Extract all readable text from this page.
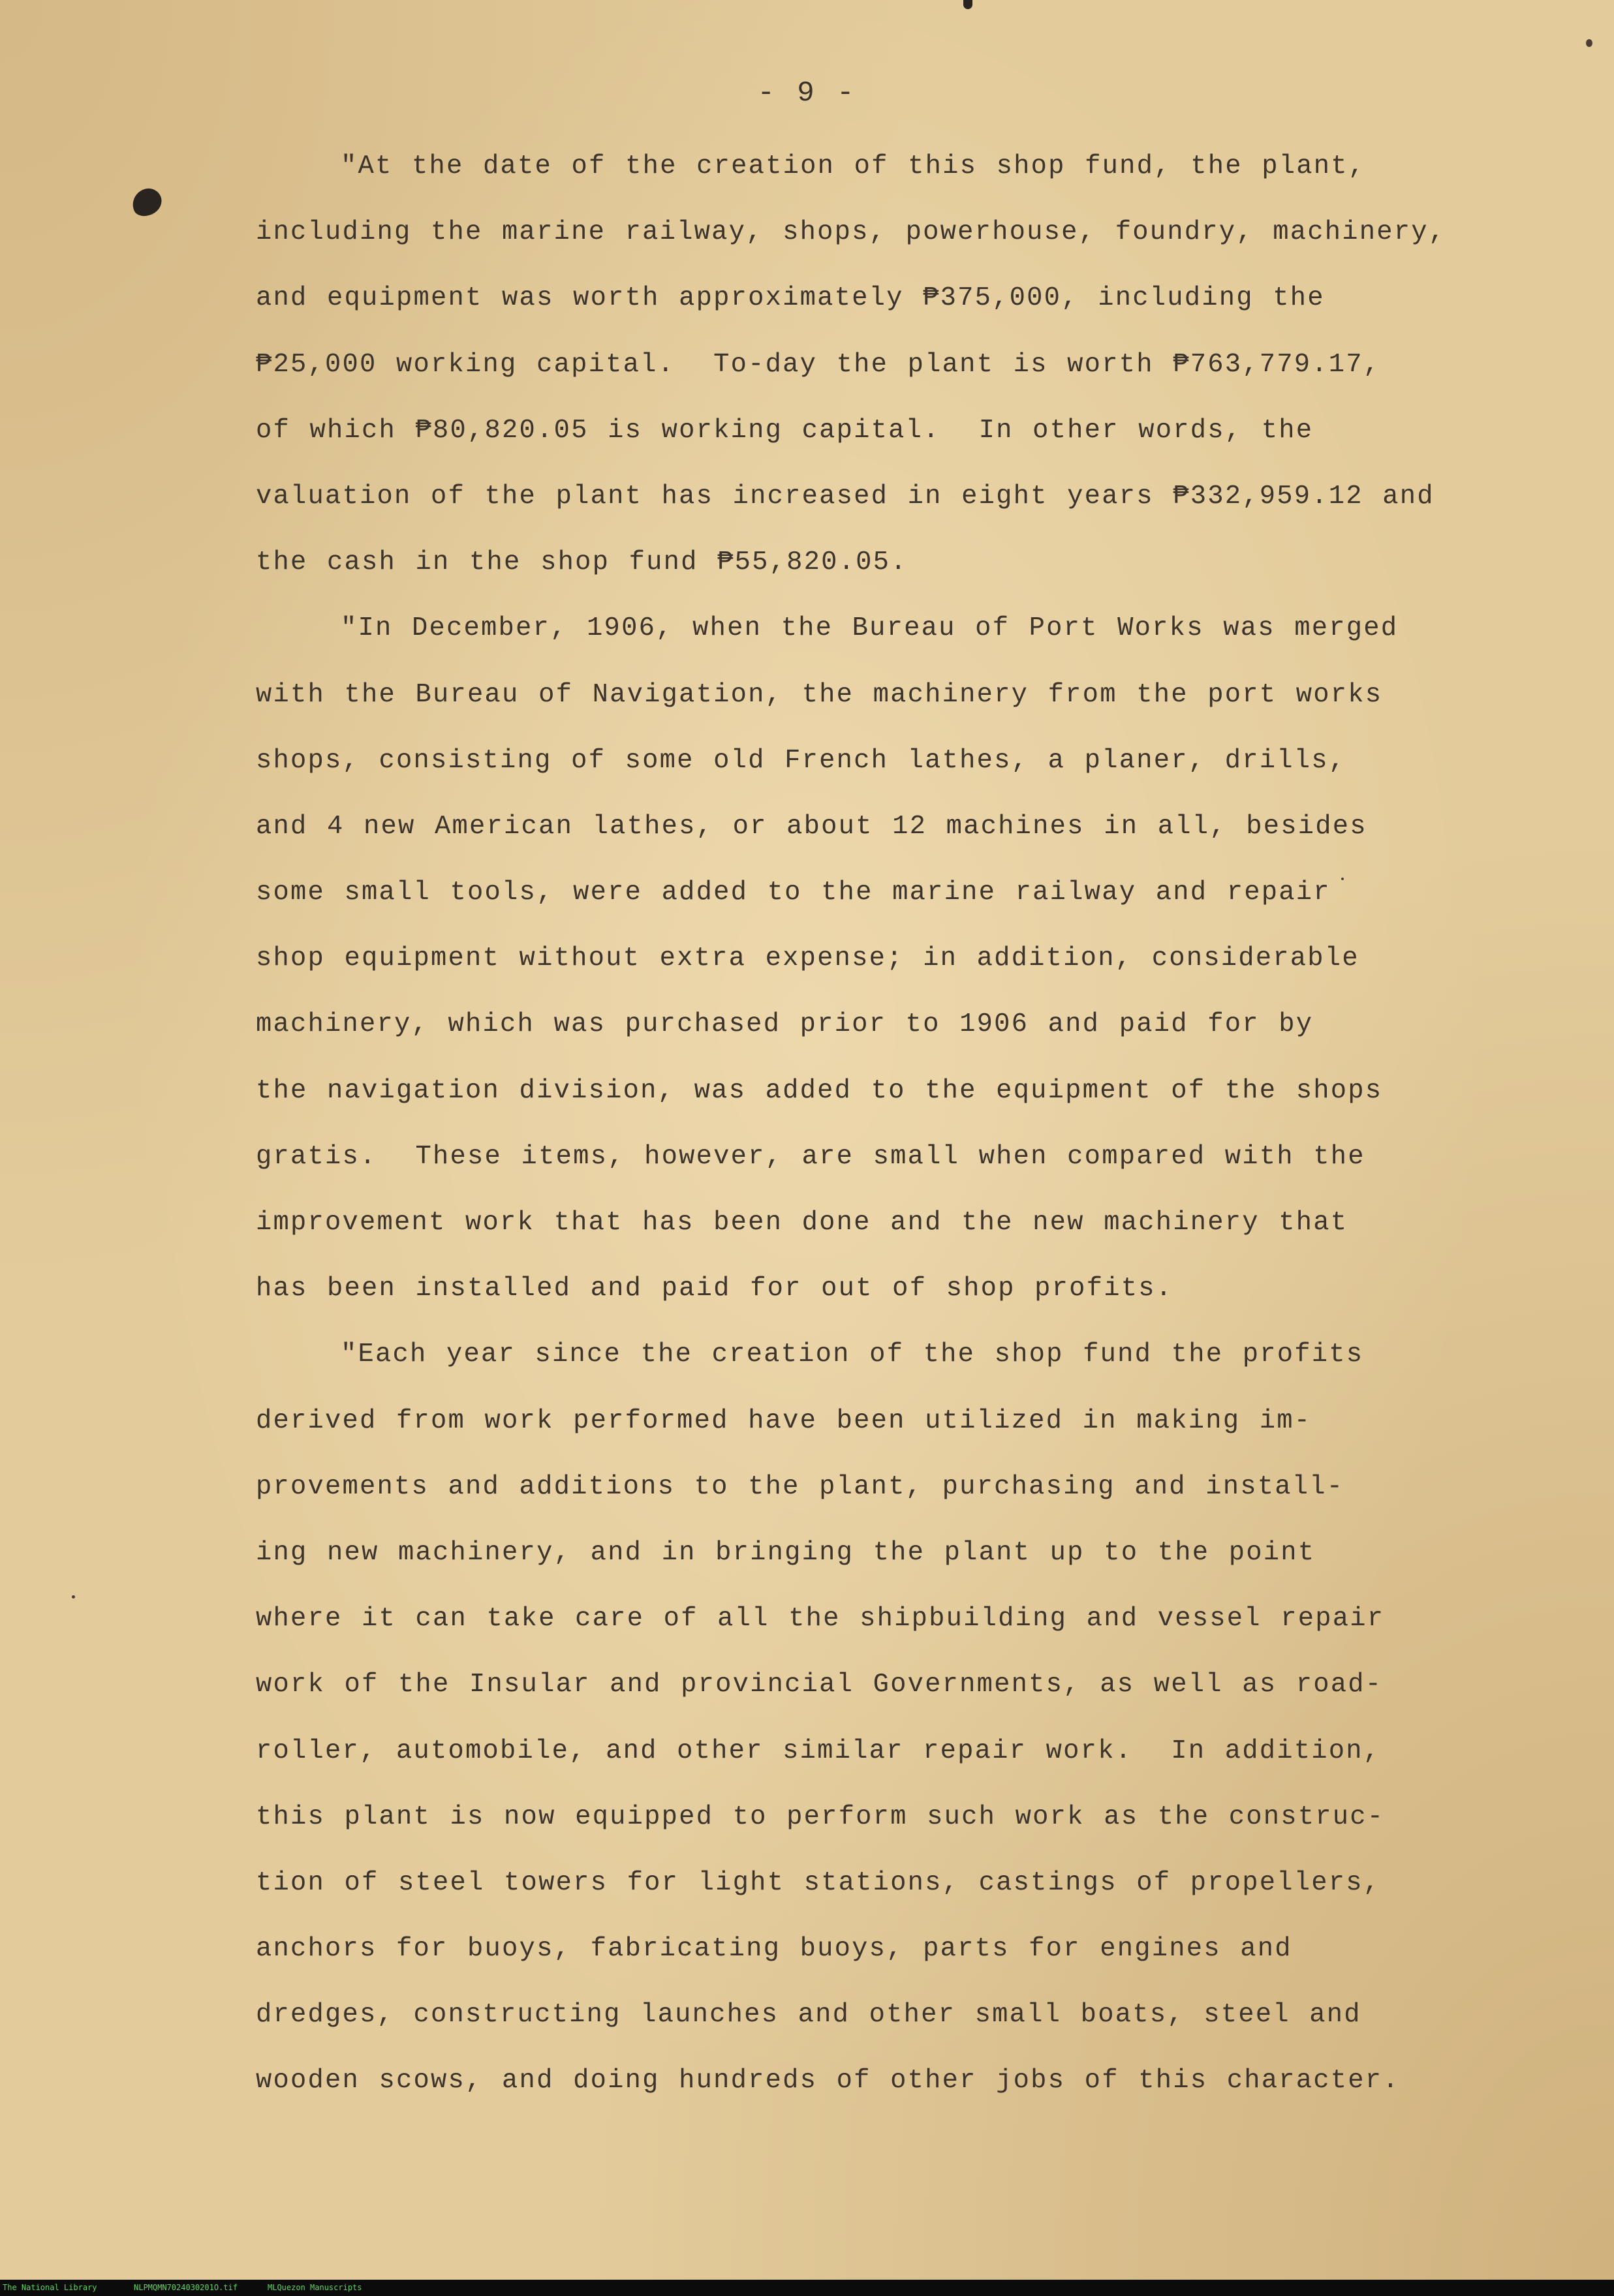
- 9 -
"At the date of the creation of this shop fund, the plant,
including the marine railway, shops, powerhouse, foundry, machinery,
and equipment was worth approximately ₱375,000, including the
₱25,000 working capital.  To-day the plant is worth ₱763,779.17,
of which ₱80,820.05 is working capital.  In other words, the
valuation of the plant has increased in eight years ₱332,959.12 and
the cash in the shop fund ₱55,820.05.
"In December, 1906, when the Bureau of Port Works was merged
with the Bureau of Navigation, the machinery from the port works
shops, consisting of some old French lathes, a planer, drills,
and 4 new American lathes, or about 12 machines in all, besides
some small tools, were added to the marine railway and repair
shop equipment without extra expense; in addition, considerable
machinery, which was purchased prior to 1906 and paid for by
the navigation division, was added to the equipment of the shops
gratis.  These items, however, are small when compared with the
improvement work that has been done and the new machinery that
has been installed and paid for out of shop profits.
"Each year since the creation of the shop fund the profits
derived from work performed have been utilized in making im-
provements and additions to the plant, purchasing and install-
ing new machinery, and in bringing the plant up to the point
where it can take care of all the shipbuilding and vessel repair
work of the Insular and provincial Governments, as well as road-
roller, automobile, and other similar repair work.  In addition,
this plant is now equipped to perform such work as the construc-
tion of steel towers for light stations, castings of propellers,
anchors for buoys, fabricating buoys, parts for engines and
dredges, constructing launches and other small boats, steel and
wooden scows, and doing hundreds of other jobs of this character.
The National Library	NLPMQMN7024030201O.tif	MLQuezon Manuscripts
